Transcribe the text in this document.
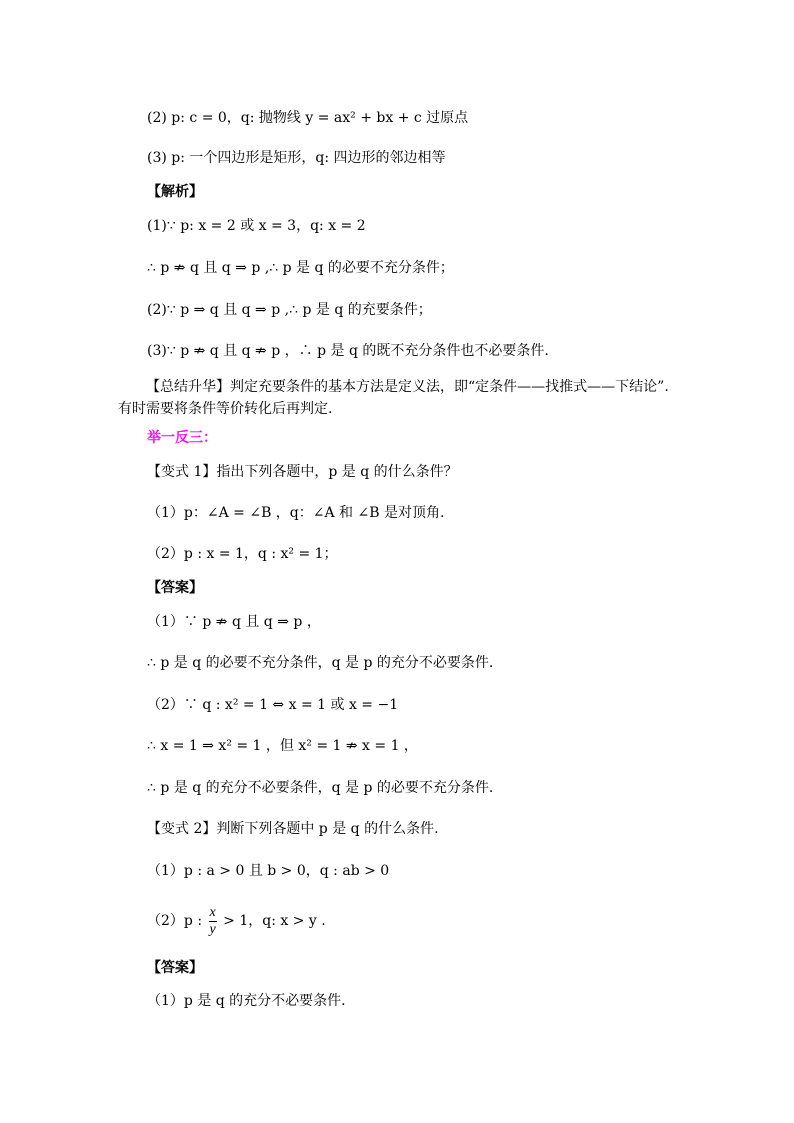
(2) p: c = 0，q: 抛物线 y = ax² + bx + c 过原点
(3) p: 一个四边形是矩形，q: 四边形的邻边相等
【解析】
(1)∵ p: x = 2 或 x = 3，q: x = 2
∴ p ⇏ q 且 q ⇒ p ,∴ p 是 q 的必要不充分条件；
(2)∵ p ⇒ q 且 q ⇒ p ,∴ p 是 q 的充要条件；
(3)∵ p ⇏ q 且 q ⇏ p ，∴ p 是 q 的既不充分条件也不必要条件.
【总结升华】判定充要条件的基本方法是定义法，即“定条件——找推式——下结论”.
有时需要将条件等价转化后再判定.
举一反三：
【变式 1】指出下列各题中，p 是 q 的什么条件？
（1）p：∠A = ∠B ，q：∠A 和 ∠B 是对顶角.
（2）p : x = 1，q : x² = 1；
【答案】
（1）∵ p ⇏ q 且 q ⇒ p ，
∴ p 是 q 的必要不充分条件，q 是 p 的充分不必要条件.
（2）∵ q : x² = 1 ⇔ x = 1 或 x = −1
∴ x = 1 ⇒ x² = 1 ，但 x² = 1 ⇏ x = 1 ，
∴ p 是 q 的充分不必要条件，q 是 p 的必要不充分条件.
【变式 2】判断下列各题中 p 是 q 的什么条件.
（1）p : a > 0 且 b > 0，q : ab > 0
（2）p : $\frac{x}{y} > 1$，q: x > y .
【答案】
（1）p 是 q 的充分不必要条件.
